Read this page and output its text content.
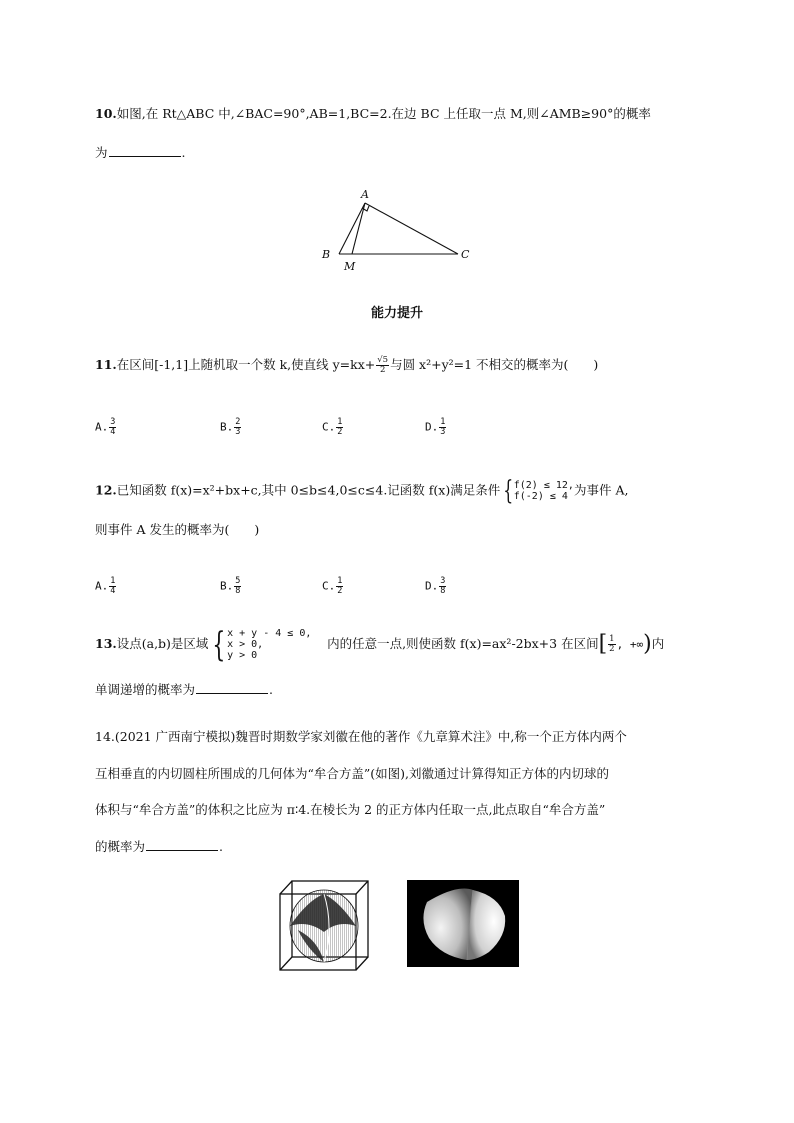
10.如图,在 Rt△ABC 中,∠BAC=90°,AB=1,BC=2.在边 BC 上任取一点 M,则∠AMB≥90°的概率
为	.
A
B	C
M
能力提升
11.在区间[-1,1]上随机取一个数 k,使直线 $y=kx+ \frac{√5}{2}$ 与圆 x²+y²=1 不相交的概率为(　　)
A. $\frac{3}{4}$	B. $\frac{2}{3}$	C. $\frac{1}{2}$	D. $\frac{1}{3}$
12.已知函数 f(x)=x²+bx+c,其中 0≤b≤4,0≤c≤4.记函数 f(x)满足条件 { f(2) ≤ 12,
f(-2) ≤ 4 为事件 A,
则事件 A 发生的概率为(　　)
A. $\frac{1}{4}$	B. $\frac{5}{8}$	C. $\frac{1}{2}$	D. $\frac{3}{8}$
13.设点(a,b)是区域 { x + y - 4 ≤ 0,
x > 0,
y > 0
内的任意一点,则使函数 f(x)=ax²-2bx+3 在区间[ $\frac{1}{2}$ , +∞)内
单调递增的概率为	.
14.(2021 广西南宁模拟)魏晋时期数学家刘徽在他的著作《九章算术注》中,称一个正方体内两个
互相垂直的内切圆柱所围成的几何体为“牟合方盖”(如图),刘徽通过计算得知正方体的内切球的
体积与“牟合方盖”的体积之比应为 π∶4.在棱长为 2 的正方体内任取一点,此点取自“牟合方盖”
的概率为	.
